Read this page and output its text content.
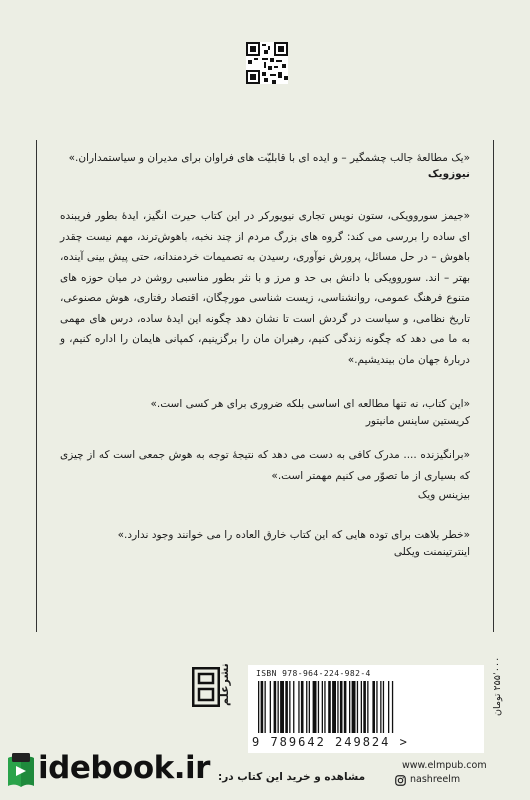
«یک مطالعهٔ جالب چشمگیر – و ایده ای با قابلیّت های فراوان برای مدیران و سیاستمداران.»
نیوزویک
«جیمز سوروویکی، ستون نویس تجاری نیویورکر در این کتاب حیرت انگیز، ایدهٔ بطور فریبنده ای ساده را بررسی می کند: گروه های بزرگ مردم از چند نخبه، باهوش‌ترند، مهم نیست چقدر باهوش – در حل مسائل، پرورش نوآوری، رسیدن به تصمیمات خردمندانه، حتی پیش بینی آینده، بهتر – اند. سوروویکی با دانش بی حد و مرز و با نثر بطور مناسبی روشن در میان حوزه های متنوع فرهنگ عمومی، روانشناسی، زیست شناسی مورچگان، اقتصاد رفتاری، هوش مصنوعی، تاریخ نظامی، و سیاست در گردش است تا نشان دهد چگونه این ایدهٔ ساده، درس های مهمی به ما می دهد که چگونه زندگی کنیم، رهبران مان را برگزینیم، کمپانی هایمان را اداره کنیم، و دربارهٔ جهان مان بیندیشیم.»
«این کتاب، نه تنها مطالعه ای اساسی بلکه ضروری برای هر کسی است.»
کریستین ساینس مانیتور
«برانگیزنده .... مدرک کافی به دست می دهد که نتیجهٔ توجه به هوش جمعی است که از چیزی که بسیاری از ما تصوّر می کنیم مهمتر است.»
بیزینس ویک
«خطر بلاهت برای توده هایی که این کتاب خارق العاده را می خوانند وجود ندارد.»
اینترتینمنت ویکلی
نشرعلم	ISBN 978-964-224-982-4
9 789642 249824 >
۲۵۵٬۰۰۰ تومان
www.elmpub.com
nashreelm
مشاهده و خرید این کتاب در:
idebook.ir
